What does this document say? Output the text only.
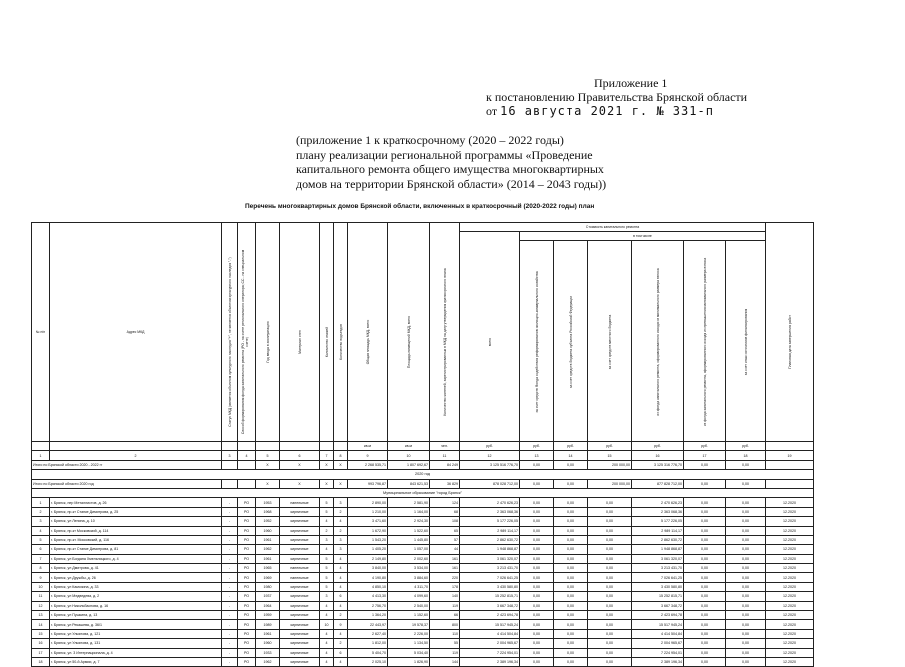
Приложение 1
к постановлению Правительства Брянской области
от 16 августа 2021 г. № 331-п
(приложение 1 к краткосрочному (2020 – 2022 годы)
плану реализации региональной программы «Проведение
капитального ремонта общего имущества многоквартирных
домов на территории Брянской области» (2014 – 2043 годы))
Перечень многоквартирных домов Брянской области, включенных в краткосрочный (2020-2022 годы) план
№ п/п	Адрес МКД	Статус МКД (является объектом культурного наследия "+", не является объектом культурного наследия "-")	Способ формирования фонда капитального ремонта (РО - на счете регионального оператора; СС - на специальном счете)	Год ввода в эксплуатацию	Материал стен	Количество этажей	Количество подъездов	Общая площадь МКД, всего	Площадь помещений МКД, всего	Количество жителей, зарегистрированных в МКД на дату утверждения краткосрочного плана	Стоимость капитального ремонта							Плановая дата завершения работ

											всего	в том числе						

												за счет средств Фонда содействия реформированию жилищно-коммунального хозяйства	за счет средств бюджета субъекта Российской Федерации	за счет средств местного бюджета	из фонда капитального ремонта, сформированного исходя из минимального размера взноса	из фонда капитального ремонта, сформированного исходя из превышения минимального размера взноса	за счет иных источников финансирования	

								кв.м	кв.м	чел.	руб.	руб.	руб.	руб.	руб.	руб.	руб.	
1	2	3	4	5	6	7	8	9	10	11	12	13	14	15	16	17	18	19
Итого по Брянской области 2020 - 2022 гг				X	X	X	X	2 268 535,71	1 807 692,67	84 249	3 125 516 776,70	0,00	0,00	200 000,00	3 125 316 776,70	0,00	0,00	
2020 год																		
Итого по Брянской области 2020 год				X	X	X	X	993 796,87	843 621,53	36 829	878 028 712,00	0,00	0,00	200 000,00	877 828 712,00	0,00	0,00	
Муниципальное образование "город Брянск"																		
1	г. Брянск, пер Металлистов, д. 26	-	РО	1953	панельные	5	3	2 890,00	2 581,90	124	2 470 626,23	0,00	0,00	0,00	2 470 626,23	0,00	0,00	12.2020
2	г. Брянск, пр-кт Станке Димитрова, д. 25	-	РО	1968	кирпичные	5	2	1 210,00	1 164,00	68	2 363 068,36	0,00	0,00	0,00	2 363 068,36	0,00	0,00	12.2020
3	г. Брянск, ул Ленина, д. 10	-	РО	1952	кирпичные	4	4	3 471,60	2 924,30	108	5 177 226,05	0,00	0,00	0,00	5 177 226,05	0,00	0,00	12.2020
4	г. Брянск, пр-кт Московский, д. 114	-	РО	1960	кирпичные	2	2	1 672,90	1 522,60	65	2 989 114,17	0,00	0,00	0,00	2 989 114,17	0,00	0,00	12.2020
5	г. Брянск, пр-кт. Московский, д. 116	-	РО	1961	кирпичные	3	3	1 543,20	1 445,80	57	2 862 630,72	0,00	0,00	0,00	2 862 630,72	0,00	0,00	12.2020
6	г. Брянск, пр-кт Станке Димитрова, д. 81	-	РО	1962	кирпичные	4	3	1 405,20	1 057,00	44	1 948 868,87	0,00	0,00	0,00	1 948 868,87	0,00	0,00	12.2020
7	г. Брянск, ул Богдана Хмельницкого, д. 4	-	РО	1961	кирпичные	5	4	2 149,80	2 002,60	161	3 061 320,07	0,00	0,00	0,00	3 061 320,07	0,00	0,00	12.2020
8	г. Брянск, ул Дмитрова, д. 41	-	РО	1965	панельные	5	4	3 840,00	3 534,00	161	3 213 431,70	0,00	0,00	0,00	3 213 431,70	0,00	0,00	12.2020
9	г. Брянск, ул Дружбы, д. 26	-	РО	1969	панельные	5	4	4 190,80	3 884,60	220	7 026 641,25	0,00	0,00	0,00	7 026 641,25	0,00	0,00	12.2020
10	г. Брянск, ул Камозина, д. 33	-	РО	1980	кирпичные	5	4	4 850,10	4 311,70	178	3 430 580,80	0,00	0,00	0,00	3 430 580,80	0,00	0,00	12.2020
11	г. Брянск, ул Медведева, д. 2	-	РО	1937	кирпичные	3	6	4 413,30	4 099,60	140	15 252 815,71	0,00	0,00	0,00	15 252 815,71	0,00	0,00	12.2020
12	г. Брянск, ул Никольбаснова, д. 16	-	РО	1964	кирпичные	4	4	2 756,70	2 540,00	119	3 667 348,72	0,00	0,00	0,00	3 667 348,72	0,00	0,00	12.2020
13	г. Брянск, ул Пушкина, д. 13	-	РО	1959	кирпичные	4	2	1 364,20	1 152,60	66	2 423 694,78	0,00	0,00	0,00	2 423 694,78	0,00	0,00	12.2020
14	г. Брянск, ул Рекашева, д. 36/1	-	РО	1989	кирпичные	10	9	22 443,97	19 578,37	800	15 517 945,24	0,00	0,00	0,00	15 517 945,24	0,00	0,00	12.2020
15	г. Брянск, ул Ульянова, д. 121	-	РО	1961	кирпичные	4	4	2 627,40	2 226,00	110	4 414 504,84	0,00	0,00	0,00	4 414 504,84	0,00	0,00	12.2020
16	г. Брянск, ул Ульянова, д. 131	-	РО	1960	кирпичные	4	2	1 812,00	1 134,50	55	2 004 965,67	0,00	0,00	0,00	2 004 965,67	0,00	0,00	12.2020
17	г. Брянск, ул. 3 Интернационала, д. 4	-	РО	1933	кирпичные	4	6	5 404,70	5 034,40	119	7 224 954,01	0,00	0,00	0,00	7 224 954,01	0,00	0,00	12.2020
18	г. Брянск, ул 50-й Армии, д. 7	-	РО	1962	кирпичные	4	4	2 025,10	1 826,90	144	2 389 196,34	0,00	0,00	0,00	2 389 196,34	0,00	0,00	12.2020
